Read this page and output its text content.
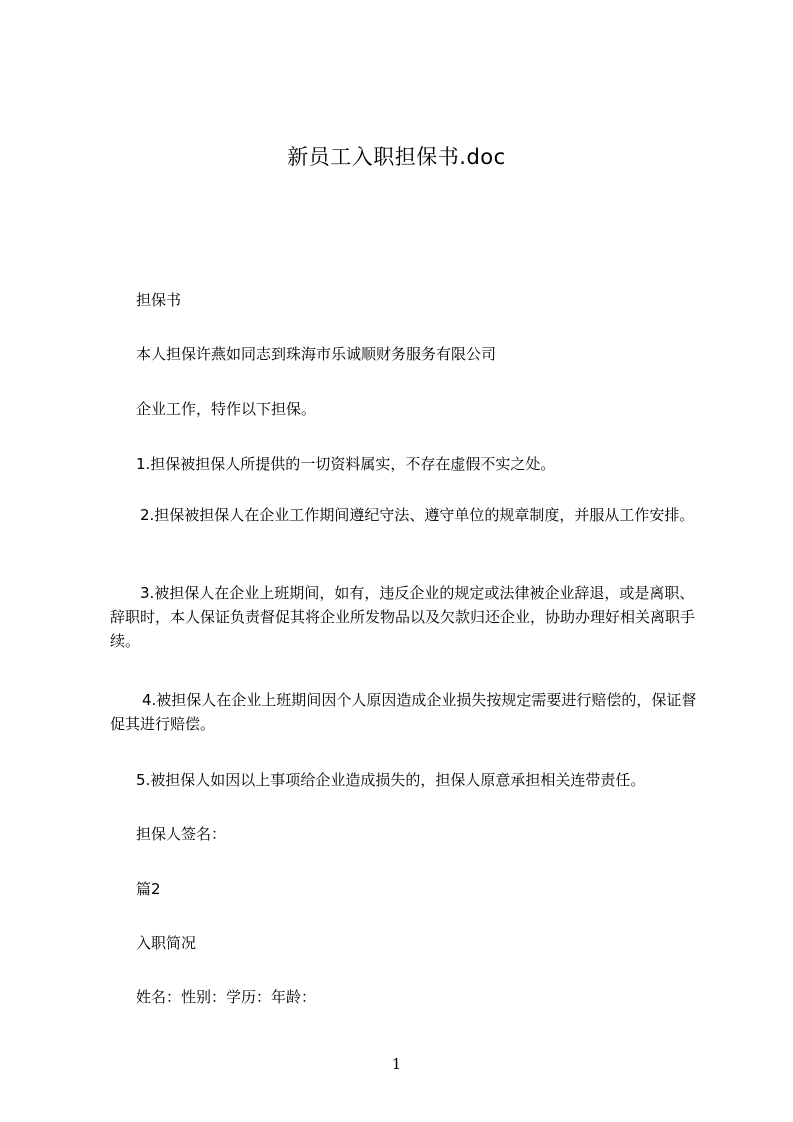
新员工入职担保书.doc

担保书

本人担保许燕如同志到珠海市乐诚顺财务服务有限公司

企业工作，特作以下担保。

1.担保被担保人所提供的一切资料属实，不存在虚假不实之处。

2.担保被担保人在企业工作期间遵纪守法、遵守单位的规章制度，并服从工作安排。

3.被担保人在企业上班期间，如有，违反企业的规定或法律被企业辞退，或是离职、辞职时，本人保证负责督促其将企业所发物品以及欠款归还企业，协助办理好相关离职手续。

4.被担保人在企业上班期间因个人原因造成企业损失按规定需要进行赔偿的，保证督促其进行赔偿。

5.被担保人如因以上事项给企业造成损失的，担保人原意承担相关连带责任。

担保人签名：

篇2

入职简况

姓名：性别：学历：年龄：

1
